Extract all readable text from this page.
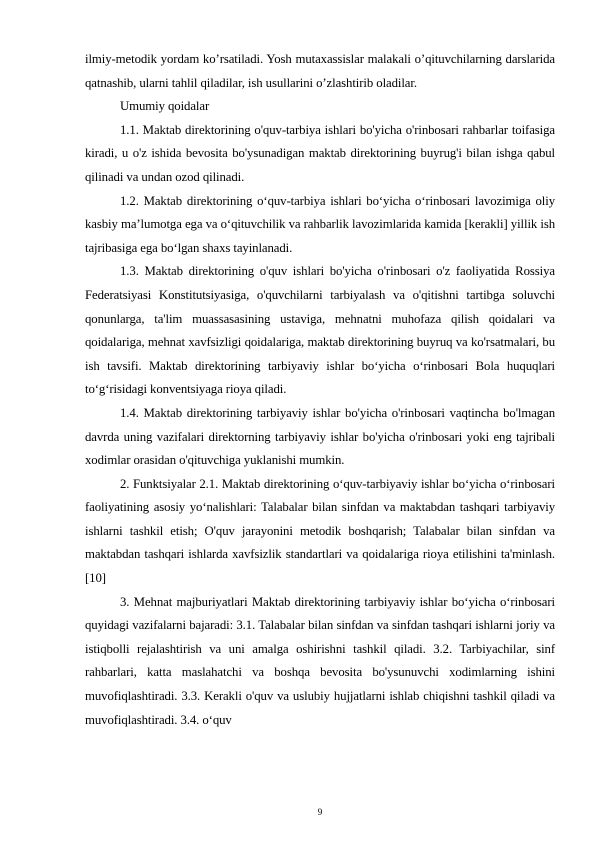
ilmiy-metodik yordam ko’rsatiladi. Yosh mutaxassislar malakali o’qituvchilarning darslarida qatnashib, ularni tahlil qiladilar, ish usullarini o’zlashtirib oladilar.

Umumiy qoidalar

1.1. Maktab direktorining o'quv-tarbiya ishlari bo'yicha o'rinbosari rahbarlar toifasiga kiradi, u o'z ishida bevosita bo'ysunadigan maktab direktorining buyrug'i bilan ishga qabul qilinadi va undan ozod qilinadi.

1.2. Maktab direktorining o‘quv-tarbiya ishlari bo‘yicha o‘rinbosari lavozimiga oliy kasbiy ma’lumotga ega va o‘qituvchilik va rahbarlik lavozimlarida kamida [kerakli] yillik ish tajribasiga ega bo‘lgan shaxs tayinlanadi.

1.3. Maktab direktorining o'quv ishlari bo'yicha o'rinbosari o'z faoliyatida Rossiya Federatsiyasi Konstitutsiyasiga, o'quvchilarni tarbiyalash va o'qitishni tartibga soluvchi qonunlarga, ta'lim muassasasining ustaviga, mehnatni muhofaza qilish qoidalari va qoidalariga, mehnat xavfsizligi qoidalariga, maktab direktorining buyruq va ko'rsatmalari, bu ish tavsifi. Maktab direktorining tarbiyaviy ishlar bo‘yicha o‘rinbosari Bola huquqlari to‘g‘risidagi konventsiyaga rioya qiladi.

1.4. Maktab direktorining tarbiyaviy ishlar bo'yicha o'rinbosari vaqtincha bo'lmagan davrda uning vazifalari direktorning tarbiyaviy ishlar bo'yicha o'rinbosari yoki eng tajribali xodimlar orasidan o'qituvchiga yuklanishi mumkin.

2. Funktsiyalar 2.1. Maktab direktorining o‘quv-tarbiyaviy ishlar bo‘yicha o‘rinbosari faoliyatining asosiy yo‘nalishlari: Talabalar bilan sinfdan va maktabdan tashqari tarbiyaviy ishlarni tashkil etish; O'quv jarayonini metodik boshqarish; Talabalar bilan sinfdan va maktabdan tashqari ishlarda xavfsizlik standartlari va qoidalariga rioya etilishini ta'minlash. [10]

3. Mehnat majburiyatlari Maktab direktorining tarbiyaviy ishlar bo‘yicha o‘rinbosari quyidagi vazifalarni bajaradi: 3.1. Talabalar bilan sinfdan va sinfdan tashqari ishlarni joriy va istiqbolli rejalashtirish va uni amalga oshirishni tashkil qiladi. 3.2. Tarbiyachilar, sinf rahbarlari, katta maslahatchi va boshqa bevosita bo'ysunuvchi xodimlarning ishini muvofiqlashtiradi. 3.3. Kerakli o'quv va uslubiy hujjatlarni ishlab chiqishni tashkil qiladi va muvofiqlashtiradi. 3.4. o‘quv

9
